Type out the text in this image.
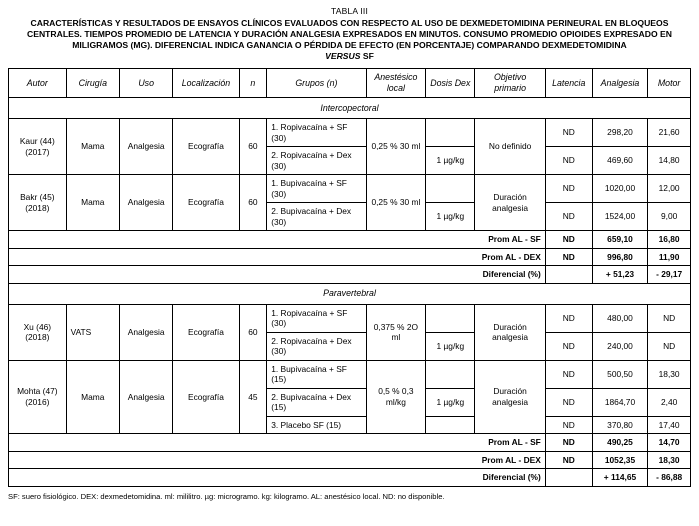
TABLA III
CARACTERÍSTICAS Y RESULTADOS DE ENSAYOS CLÍNICOS EVALUADOS CON RESPECTO AL USO DE DEXMEDETOMIDINA PERINEURAL EN BLOQUEOS CENTRALES. TIEMPOS PROMEDIO DE LATENCIA Y DURACIÓN ANALGESIA EXPRESADOS EN MINUTOS. CONSUMO PROMEDIO OPIOIDES EXPRESADO EN MILIGRAMOS (MG). DIFERENCIAL INDICA GANANCIA O PÉRDIDA DE EFECTO (EN PORCENTAJE) COMPARANDO DEXMEDETOMIDINA
VERSUS SF
Autor	Cirugía	Uso	Localización	n	Grupos (n)	Anestésico local	Dosis Dex	Objetivo primario	Latencia	Analgesia	Motor
Intercopectoral											
Kaur (44) (2017)	Mama	Analgesia	Ecografía	60	1. Ropivacaína + SF (30)	0,25 % 30 ml		No definido	ND	298,20	21,60
					2. Ropivacaína + Dex (30)		1 µg/kg		ND	469,60	14,80
Bakr (45) (2018)	Mama	Analgesia	Ecografía	60	1. Bupivacaína + SF (30)	0,25 % 30 ml		Duración analgesia	ND	1020,00	12,00
					2. Bupivacaína + Dex (30)		1 µg/kg		ND	1524,00	9,00
Prom AL - SF									ND	659,10	16,80
Prom AL - DEX									ND	996,80	11,90
Diferencial (%)										+ 51,23	- 29,17
Paravertebral											
Xu (46) (2018)	VATS	Analgesia	Ecografía	60	1. Ropivacaína + SF (30)	0,375 % 2O ml		Duración analgesia	ND	480,00	ND
					2. Ropivacaína + Dex (30)		1 µg/kg		ND	240,00	ND
Mohta (47) (2016)	Mama	Analgesia	Ecografía	45	1. Bupivacaína + SF (15)	0,5 % 0,3 ml/kg		Duración analgesia	ND	500,50	18,30
					2. Bupivacaína + Dex (15)		1 µg/kg		ND	1864,70	2,40
					3. Placebo SF (15)				ND	370,80	17,40
Prom AL - SF									ND	490,25	14,70
Prom AL - DEX									ND	1052,35	18,30
Diferencial (%)										+ 114,65	- 86,88
SF: suero fisiológico. DEX: dexmedetomidina. ml: mililitro. µg: microgramo. kg: kilogramo. AL: anestésico local. ND: no disponible.
